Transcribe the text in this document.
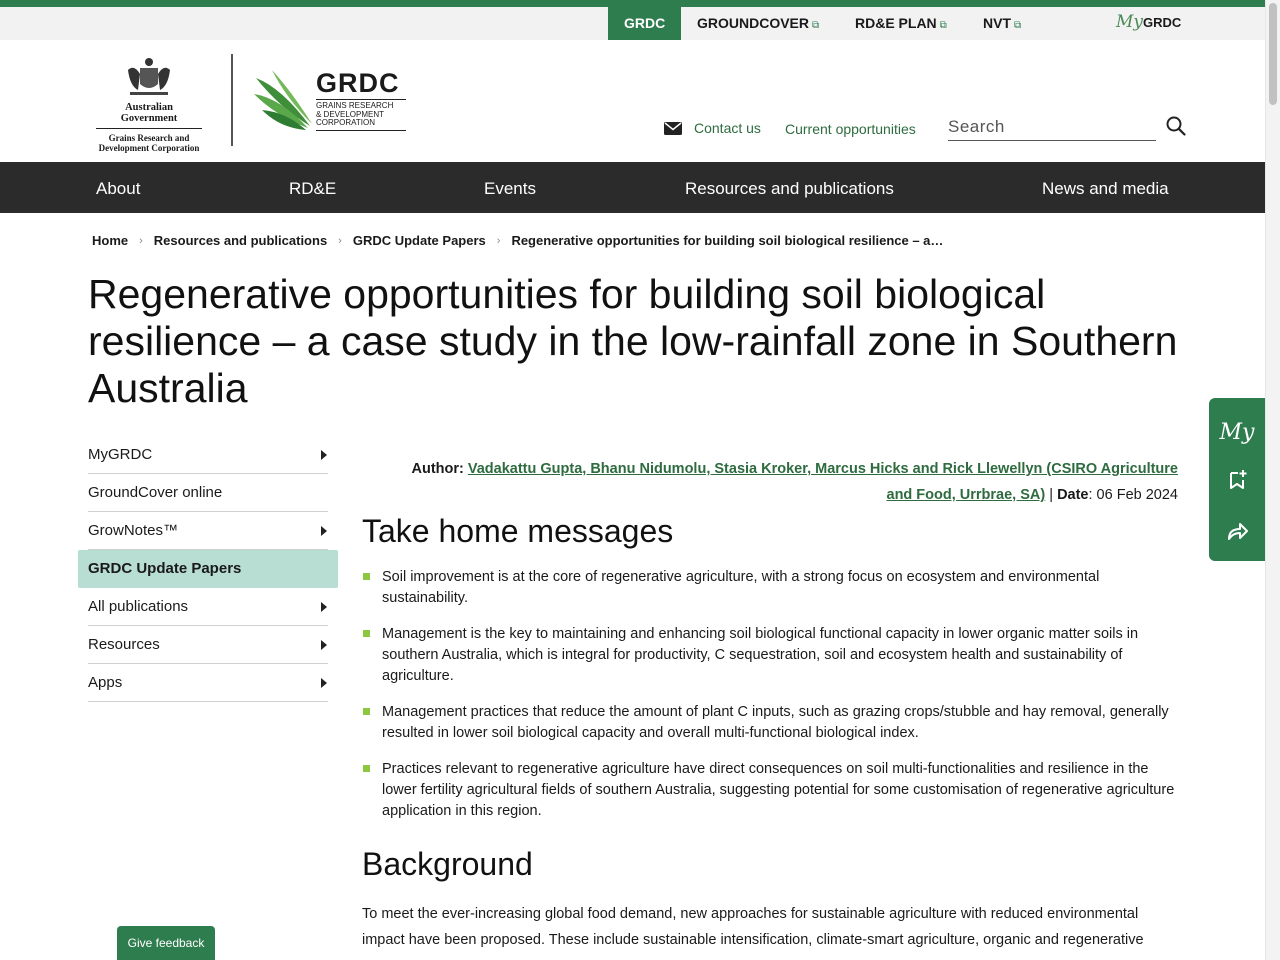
GRDC	GROUNDCOVER ⧉	RD&E PLAN ⧉	NVT ⧉	MyGRDC
Australian Government
Grains Research and
Development Corporation
GRDC
GRAINS RESEARCH
& DEVELOPMENT
CORPORATION	Contact us Current opportunities
Search
About	RD&E	Events	Resources and publications	News and media
Home › Resources and publications › GRDC Update Papers › Regenerative opportunities for building soil biological resilience – a…
Regenerative opportunities for building soil biological resilience – a case study in the low-rainfall zone in Southern Australia
MyGRDC
GroundCover online
GrowNotes™
GRDC Update Papers
All publications
Resources
Apps
Author: Vadakattu Gupta, Bhanu Nidumolu, Stasia Kroker, Marcus Hicks and Rick Llewellyn (CSIRO Agriculture
and Food, Urrbrae, SA) | Date: 06 Feb 2024
Take home messages
Soil improvement is at the core of regenerative agriculture, with a strong focus on ecosystem and environmental sustainability.
Management is the key to maintaining and enhancing soil biological functional capacity in lower organic matter soils in southern Australia, which is integral for productivity, C sequestration, soil and ecosystem health and sustainability of agriculture.
Management practices that reduce the amount of plant C inputs, such as grazing crops/stubble and hay removal, generally resulted in lower soil biological capacity and overall multi-functional biological index.
Practices relevant to regenerative agriculture have direct consequences on soil multi-functionalities and resilience in the lower fertility agricultural fields of southern Australia, suggesting potential for some customisation of regenerative agriculture application in this region.
Background

To meet the ever-increasing global food demand, new approaches for sustainable agriculture with reduced environmental impact have been proposed. These include sustainable intensification, climate-smart agriculture, organic and regenerative

My
Give feedback
